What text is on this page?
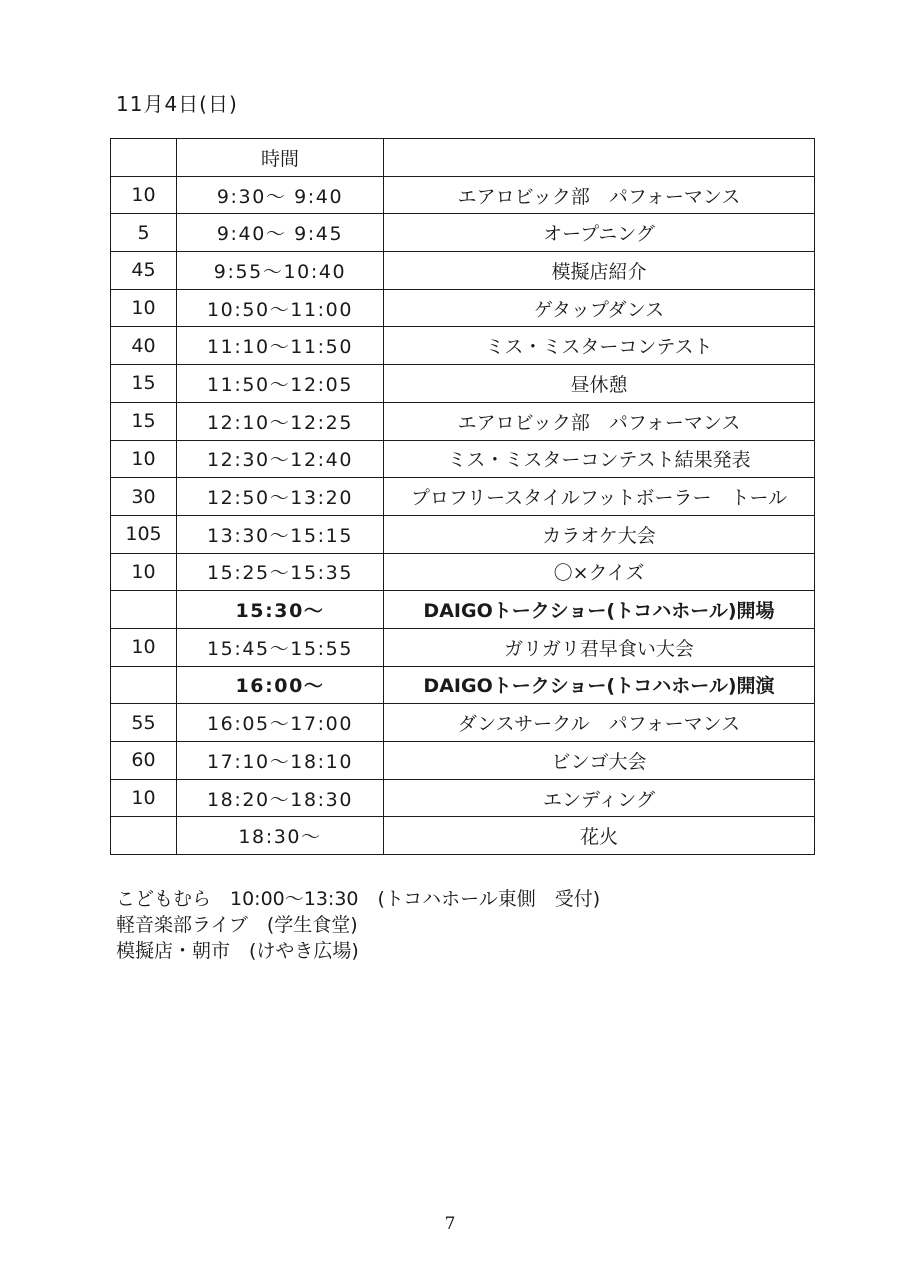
11月4日(日)
	時間	
10	9:30～ 9:40	エアロビック部　パフォーマンス
5	9:40～ 9:45	オープニング
45	9:55～10:40	模擬店紹介
10	10:50～11:00	ゲタップダンス
40	11:10～11:50	ミス・ミスターコンテスト
15	11:50～12:05	昼休憩
15	12:10～12:25	エアロビック部　パフォーマンス
10	12:30～12:40	ミス・ミスターコンテスト結果発表
30	12:50～13:20	プロフリースタイルフットボーラー　トール
105	13:30～15:15	カラオケ大会
10	15:25～15:35	〇×クイズ
	15:30～	DAIGOトークショー(トコハホール)開場
10	15:45～15:55	ガリガリ君早食い大会
	16:00～	DAIGOトークショー(トコハホール)開演
55	16:05～17:00	ダンスサークル　パフォーマンス
60	17:10～18:10	ビンゴ大会
10	18:20～18:30	エンディング
	18:30～	花火
こどもむら　10:00～13:30　(トコハホール東側　受付)
軽音楽部ライブ　(学生食堂)
模擬店・朝市　(けやき広場)
7
